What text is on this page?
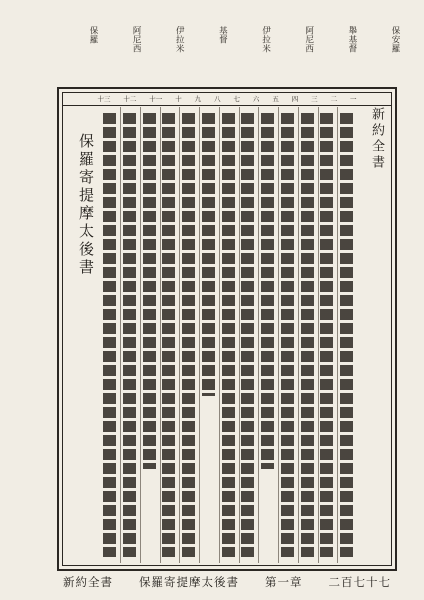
保安羅
舉基督
阿尼西
伊拉米
基督
伊拉米
阿尼西
保羅
一
二
三
四
五
六
七
八
九
十
十一
十二
十三
新約全書
保羅寄提摩太後書
新約全書 保羅寄提摩太後書 第一章 二百七十七
